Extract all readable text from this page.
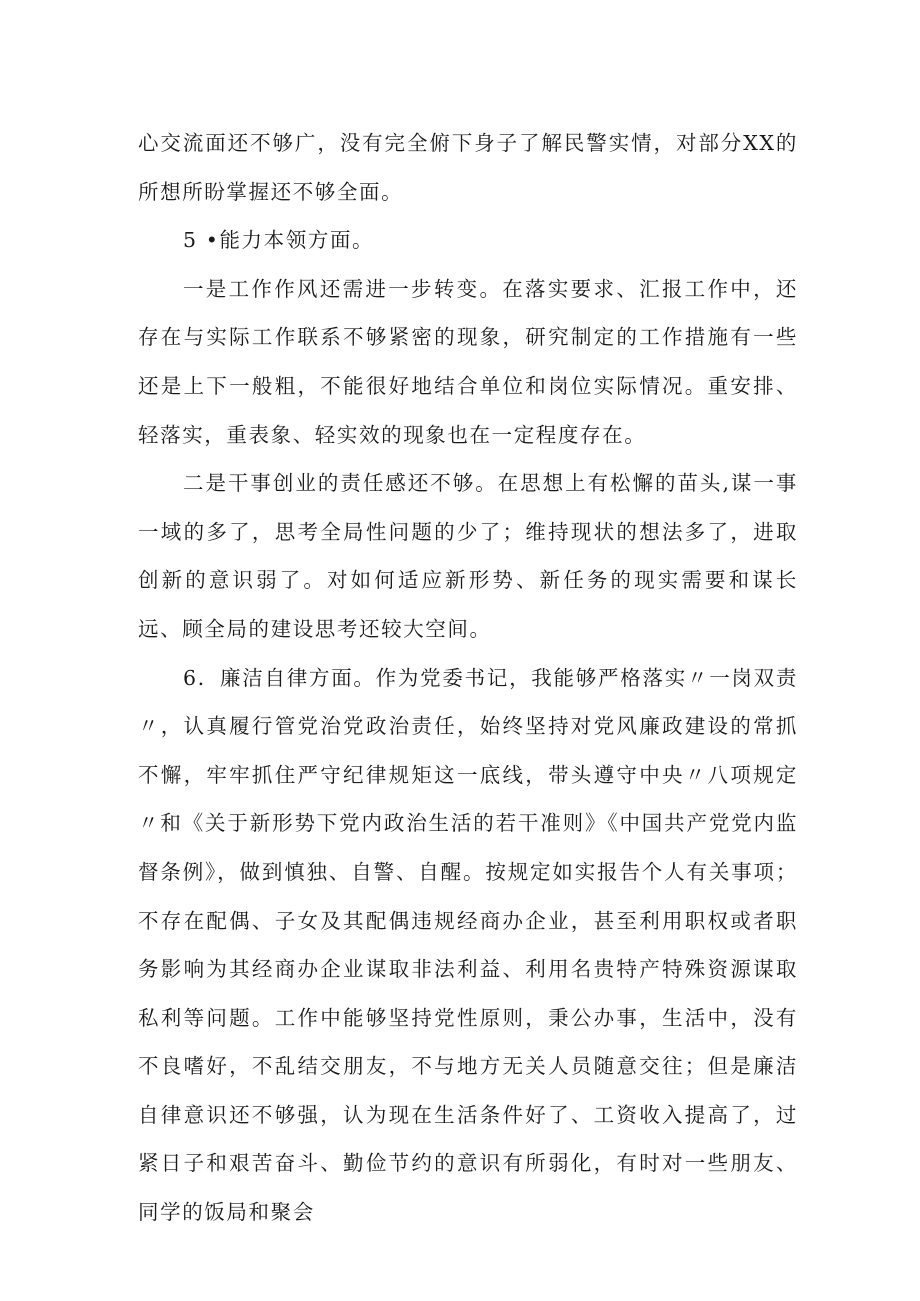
心交流面还不够广，没有完全俯下身子了解民警实情，对部分XX的所想所盼掌握还不够全面。

5 •能力本领方面。

一是工作作风还需进一步转变。在落实要求、汇报工作中，还存在与实际工作联系不够紧密的现象，研究制定的工作措施有一些还是上下一般粗，不能很好地结合单位和岗位实际情况。重安排、轻落实，重表象、轻实效的现象也在一定程度存在。

二是干事创业的责任感还不够。在思想上有松懈的苗头,谋一事一域的多了，思考全局性问题的少了；维持现状的想法多了，进取创新的意识弱了。对如何适应新形势、新任务的现实需要和谋长远、顾全局的建设思考还较大空间。

6．廉洁自律方面。作为党委书记，我能够严格落实〃一岗双责〃，认真履行管党治党政治责任，始终坚持对党风廉政建设的常抓不懈，牢牢抓住严守纪律规矩这一底线，带头遵守中央〃八项规定〃和《关于新形势下党内政治生活的若干准则》《中国共产党党内监督条例》，做到慎独、自警、自醒。按规定如实报告个人有关事项；不存在配偶、子女及其配偶违规经商办企业，甚至利用职权或者职务影响为其经商办企业谋取非法利益、利用名贵特产特殊资源谋取私利等问题。工作中能够坚持党性原则，秉公办事，生活中，没有不良嗜好，不乱结交朋友，不与地方无关人员随意交往；但是廉洁自律意识还不够强，认为现在生活条件好了、工资收入提高了，过紧日子和艰苦奋斗、勤俭节约的意识有所弱化，有时对一些朋友、同学的饭局和聚会
